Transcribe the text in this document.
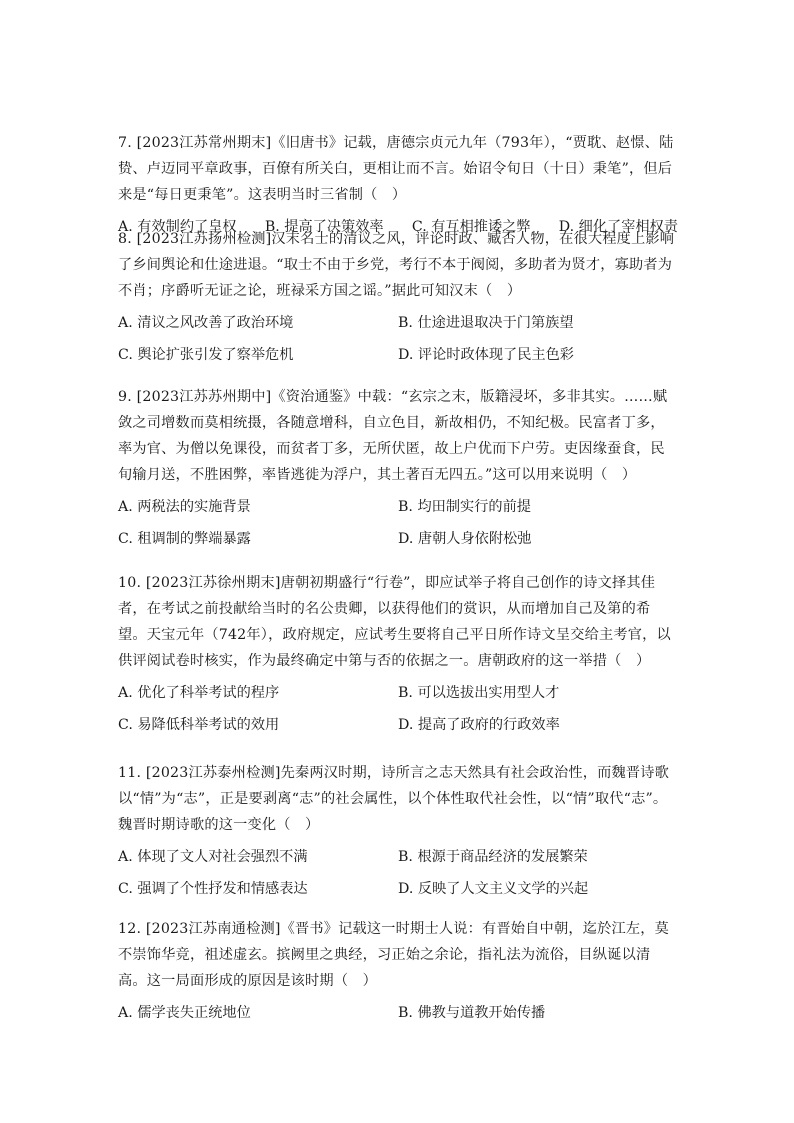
7. [2023江苏常州期末]《旧唐书》记载，唐德宗贞元九年（793年），“贾耽、赵憬、陆贽、卢迈同平章政事，百僚有所关白，更相让而不言。始诏令旬日（十日）秉笔”，但后来是“每日更秉笔”。这表明当时三省制（　）
A. 有效制约了皇权 B. 提高了决策效率 C. 有互相推诿之弊 D. 细化了宰相权责
8. [2023江苏扬州检测]汉末名士的清议之风，评论时政、臧否人物，在很大程度上影响了乡间舆论和仕途进退。“取士不由于乡党，考行不本于阀阅，多助者为贤才，寡助者为不肖；序爵听无证之论，班禄采方国之谣。”据此可知汉末（　）
A. 清议之风改善了政治环境	B. 仕途进退取决于门第族望
C. 舆论扩张引发了察举危机	D. 评论时政体现了民主色彩
9. [2023江苏苏州期中]《资治通鉴》中载：“玄宗之末，版籍浸坏，多非其实。……赋敛之司增数而莫相统摄，各随意增科，自立色目，新故相仍，不知纪极。民富者丁多，率为官、为僧以免课役，而贫者丁多，无所伏匿，故上户优而下户劳。吏因缘蚕食，民旬输月送，不胜困弊，率皆逃徙为浮户，其土著百无四五。”这可以用来说明（　）
A. 两税法的实施背景	B. 均田制实行的前提
C. 租调制的弊端暴露	D. 唐朝人身依附松弛
10. [2023江苏徐州期末]唐朝初期盛行“行卷”，即应试举子将自己创作的诗文择其佳者，在考试之前投献给当时的名公贵卿，以获得他们的赏识，从而增加自己及第的希望。天宝元年（742年），政府规定，应试考生要将自己平日所作诗文呈交给主考官，以供评阅试卷时核实，作为最终确定中第与否的依据之一。唐朝政府的这一举措（　）
A. 优化了科举考试的程序	B. 可以选拔出实用型人才
C. 易降低科举考试的效用	D. 提高了政府的行政效率
11. [2023江苏泰州检测]先秦两汉时期，诗所言之志天然具有社会政治性，而魏晋诗歌以“情”为“志”，正是要剥离“志”的社会属性，以个体性取代社会性，以“情”取代“志”。魏晋时期诗歌的这一变化（　）
A. 体现了文人对社会强烈不满	B. 根源于商品经济的发展繁荣
C. 强调了个性抒发和情感表达	D. 反映了人文主义文学的兴起
12. [2023江苏南通检测]《晋书》记载这一时期士人说：有晋始自中朝，迄於江左，莫不崇饰华竞，祖述虚玄。摈阙里之典经，习正始之余论，指礼法为流俗，目纵诞以清高。这一局面形成的原因是该时期（　）
A. 儒学丧失正统地位	B. 佛教与道教开始传播
